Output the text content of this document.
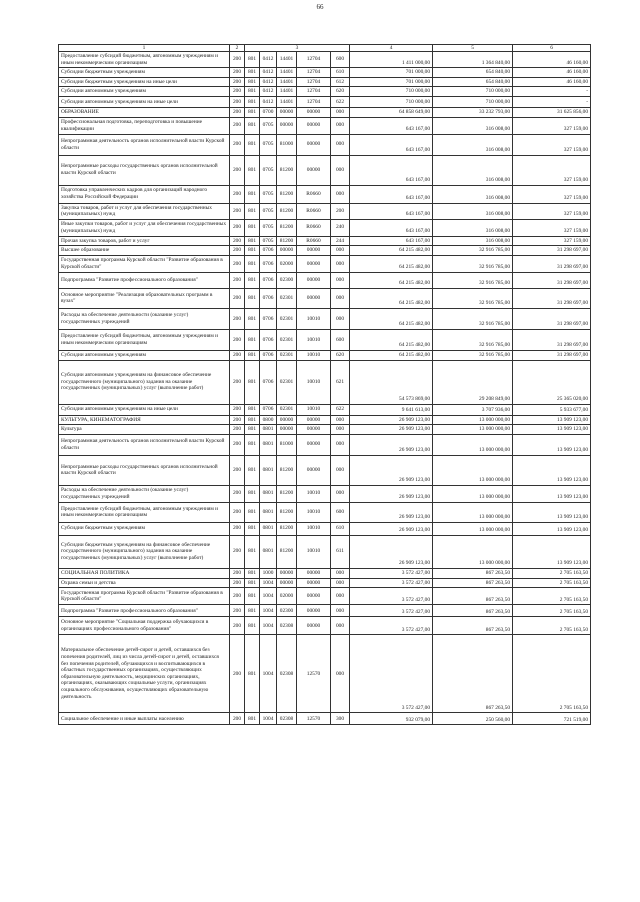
66
1	2	3					4	5	6
Предоставление субсидий бюджетным, автономным учреждениям и иным некоммерческим организациям	200	801	0412	14401	12704	600	1 411 000,00	1 364 840,00	46 160,00
Субсидии бюджетным учреждениям	200	801	0412	14401	12704	610	701 000,00	654 840,00	46 160,00
Субсидии бюджетным учреждениям на иные цели	200	801	0412	14401	12704	612	701 000,00	654 840,00	46 160,00
Субсидии автономным учреждениям	200	801	0412	14401	12704	620	710 000,00	710 000,00	-
Субсидии автономным учреждениям на иные цели	200	801	0412	14401	12704	622	710 000,00	710 000,00	-
ОБРАЗОВАНИЕ	200	801	0700	00000	00000	000	64 858 649,00	33 232 793,00	31 625 856,00
Профессиональная подготовка, переподготовка и повышение квалификации	200	801	0705	00000	00000	000	643 167,00	316 008,00	327 159,00
Непрограммная деятельность органов исполнительной власти Курской области	200	801	0705	81000	00000	000	643 167,00	316 008,00	327 159,00
Непрограммные расходы государственных органов исполнительной власти Курской области	200	801	0705	81200	00000	000	643 167,00	316 008,00	327 159,00
Подготовка управленческих кадров для организаций народного хозяйства Российской Федерации	200	801	0705	81200	R0660	000	643 167,00	316 008,00	327 159,00
Закупка товаров, работ и услуг для обеспечения государственных (муниципальных) нужд	200	801	0705	81200	R0660	200	643 167,00	316 008,00	327 159,00
Иные закупки товаров, работ и услуг для обеспечения государственных (муниципальных) нужд	200	801	0705	81200	R0660	240	643 167,00	316 008,00	327 159,00
Прочая закупка товаров, работ и услуг	200	801	0705	81200	R0660	244	643 167,00	316 008,00	327 159,00
Высшее образование	200	801	0706	00000	00000	000	64 215 482,00	32 916 785,00	31 298 697,00
Государственная программа Курской области "Развитие образования в Курской области"	200	801	0706	02000	00000	000	64 215 482,00	32 916 785,00	31 298 697,00
Подпрограмма "Развитие профессионального образования"	200	801	0706	02300	00000	000	64 215 482,00	32 916 785,00	31 298 697,00
Основное мероприятие "Реализация образовательных программ в вузах"	200	801	0706	02301	00000	000	64 215 482,00	32 916 785,00	31 298 697,00
Расходы на обеспечение деятельности (оказание услуг) государственных учреждений	200	801	0706	02301	10010	000	64 215 482,00	32 916 785,00	31 298 697,00
Предоставление субсидий бюджетным, автономным учреждениям и иным некоммерческим организациям	200	801	0706	02301	10010	600	64 215 482,00	32 916 785,00	31 298 697,00
Субсидии автономным учреждениям	200	801	0706	02301	10010	620	64 215 482,00	32 916 785,00	31 298 697,00
Субсидии автономным учреждениям на финансовое обеспечение государственного (муниципального) задания на оказание государственных (муниципальных) услуг (выполнение работ)	200	801	0706	02301	10010	621	54 573 869,00	29 208 849,00	25 365 020,00
Субсидии автономным учреждениям на иные цели	200	801	0706	02301	10010	622	9 641 613,00	3 707 936,00	5 933 677,00
КУЛЬТУРА, КИНЕМАТОГРАФИЯ	200	801	0800	00000	00000	000	26 909 123,00	13 000 000,00	13 909 123,00
Культура	200	801	0801	00000	00000	000	26 909 123,00	13 000 000,00	13 909 123,00
Непрограммная деятельность органов исполнительной власти Курской области	200	801	0801	81000	00000	000	26 909 123,00	13 000 000,00	13 909 123,00
Непрограммные расходы государственных органов исполнительной власти Курской области	200	801	0801	81200	00000	000	26 909 123,00	13 000 000,00	13 909 123,00
Расходы на обеспечение деятельности (оказание услуг) государственных учреждений	200	801	0801	81200	10010	000	26 909 123,00	13 000 000,00	13 909 123,00
Предоставление субсидий бюджетным, автономным учреждениям и иным некоммерческим организациям	200	801	0801	81200	10010	600	26 909 123,00	13 000 000,00	13 909 123,00
Субсидии бюджетным учреждениям	200	801	0801	81200	10010	610	26 909 123,00	13 000 000,00	13 909 123,00
Субсидии бюджетным учреждениям на финансовое обеспечение государственного (муниципального) задания на оказание государственных (муниципальных) услуг (выполнение работ)	200	801	0801	81200	10010	611	26 909 123,00	13 000 000,00	13 909 123,00
СОЦИАЛЬНАЯ ПОЛИТИКА	200	801	1000	00000	00000	000	3 572 427,00	867 263,50	2 705 163,50
Охрана семьи и детства	200	801	1004	00000	00000	000	3 572 427,00	867 263,50	2 705 163,50
Государственная программа Курской области "Развитие образования в Курской области"	200	801	1004	02000	00000	000	3 572 427,00	867 263,50	2 705 163,50
Подпрограмма "Развитие профессионального образования"	200	801	1004	02300	00000	000	3 572 427,00	867 263,50	2 705 163,50
Основное мероприятие "Социальная поддержка обучающихся в организациях профессионального образования"	200	801	1004	02308	00000	000	3 572 427,00	867 263,50	2 705 163,50
Материальное обеспечение детей-сирот и детей, оставшихся без попечения родителей, лиц из числа детей-сирот и детей, оставшихся без попечения родителей, обучающихся и воспитывающихся в областных государственных организациях, осуществляющих образовательную деятельность, медицинских организациях, организациях, оказывающих социальные услуги, организациях социального обслуживания, осуществляющих образовательную деятельность	200	801	1004	02308	12570	000	3 572 427,00	867 263,50	2 705 163,50
Социальное обеспечение и иные выплаты населению	200	801	1004	02308	12570	300	932 079,00	250 560,00	721 519,00
